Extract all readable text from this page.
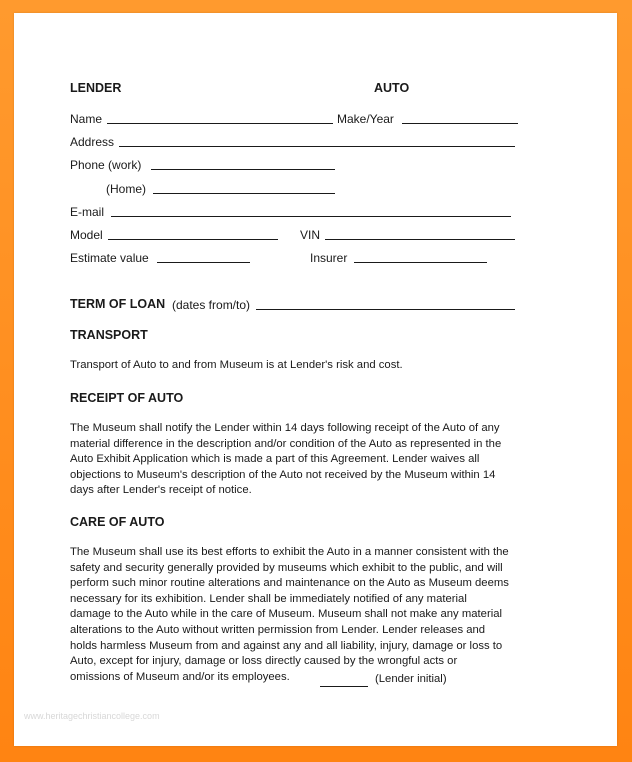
LENDER	AUTO
Name	Make/Year
Address
Phone (work)
(Home)
E-mail
Model	VIN
Estimate value	Insurer
TERM OF LOAN (dates from/to)
TRANSPORT
Transport of Auto to and from Museum is at Lender's risk and cost.
RECEIPT OF AUTO
The Museum shall notify the Lender within 14 days following receipt of the Auto of any
material difference in the description and/or condition of the Auto as represented in the
Auto Exhibit Application which is made a part of this Agreement. Lender waives all
objections to Museum's description of the Auto not received by the Museum within 14
days after Lender's receipt of notice.
CARE OF AUTO
The Museum shall use its best efforts to exhibit the Auto in a manner consistent with the
safety and security generally provided by museums which exhibit to the public, and will
perform such minor routine alterations and maintenance on the Auto as Museum deems
necessary for its exhibition. Lender shall be immediately notified of any material
damage to the Auto while in the care of Museum. Museum shall not make any material
alterations to the Auto without written permission from Lender. Lender releases and
holds harmless Museum from and against any and all liability, injury, damage or loss to
Auto, except for injury, damage or loss directly caused by the wrongful acts or
omissions of Museum and/or its employees.	(Lender initial)
www.heritagechristiancollege.com
